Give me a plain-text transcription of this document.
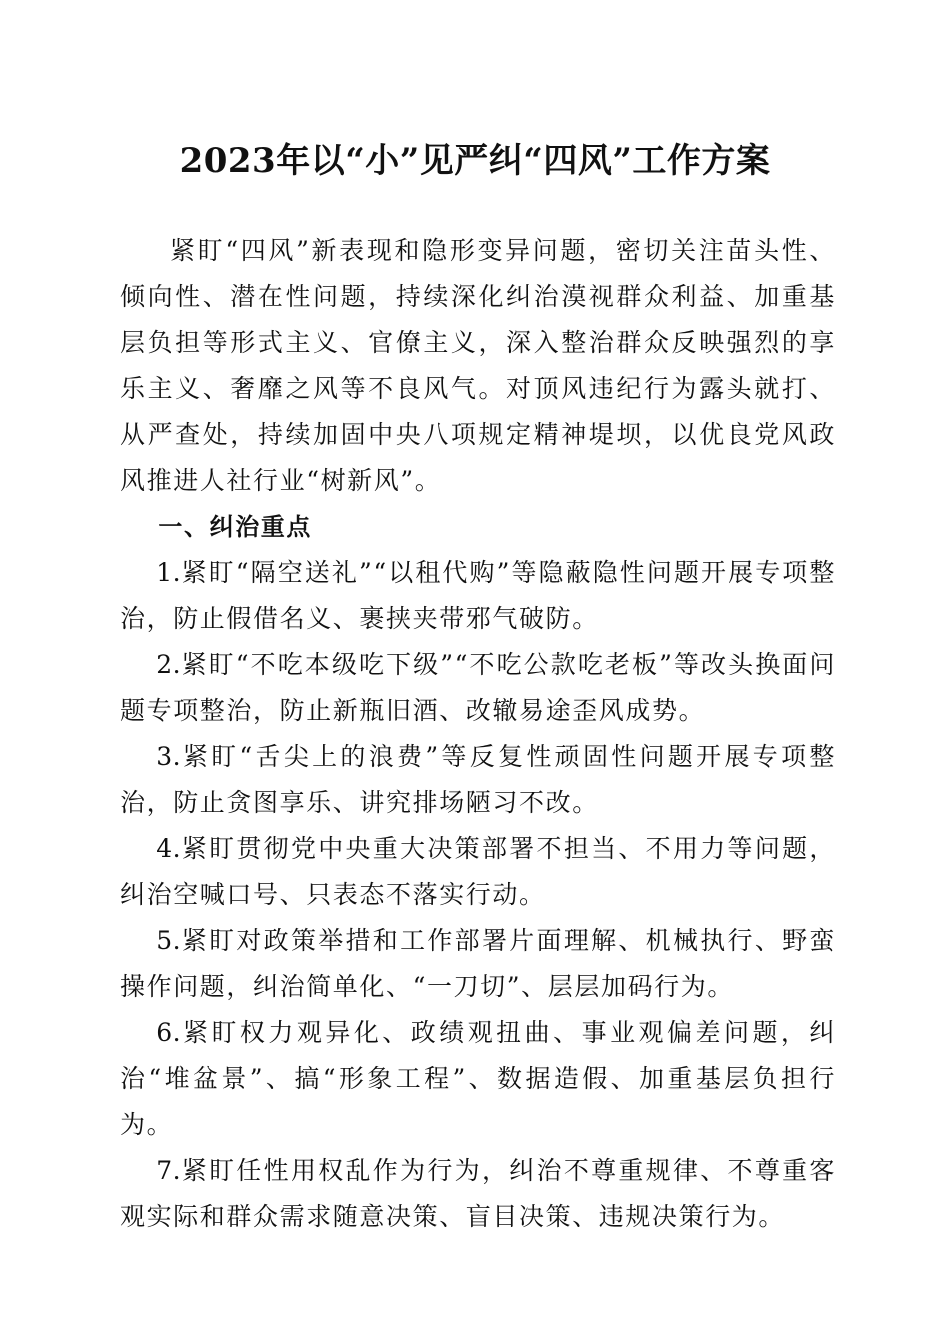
2023年以“小”见严纠“四风”工作方案

紧盯“四风”新表现和隐形变异问题，密切关注苗头性、倾向性、潜在性问题，持续深化纠治漠视群众利益、加重基层负担等形式主义、官僚主义，深入整治群众反映强烈的享乐主义、奢靡之风等不良风气。对顶风违纪行为露头就打、从严查处，持续加固中央八项规定精神堤坝，以优良党风政风推进人社行业“树新风”。

一、纠治重点

1.紧盯“隔空送礼”“以租代购”等隐蔽隐性问题开展专项整治，防止假借名义、裹挟夹带邪气破防。

2.紧盯“不吃本级吃下级”“不吃公款吃老板”等改头换面问题专项整治，防止新瓶旧酒、改辙易途歪风成势。

3.紧盯“舌尖上的浪费”等反复性顽固性问题开展专项整治，防止贪图享乐、讲究排场陋习不改。

4.紧盯贯彻党中央重大决策部署不担当、不用力等问题，纠治空喊口号、只表态不落实行动。

5.紧盯对政策举措和工作部署片面理解、机械执行、野蛮操作问题，纠治简单化、“一刀切”、层层加码行为。

6.紧盯权力观异化、政绩观扭曲、事业观偏差问题，纠治“堆盆景”、搞“形象工程”、数据造假、加重基层负担行为。

7.紧盯任性用权乱作为行为，纠治不尊重规律、不尊重客观实际和群众需求随意决策、盲目决策、违规决策行为。
